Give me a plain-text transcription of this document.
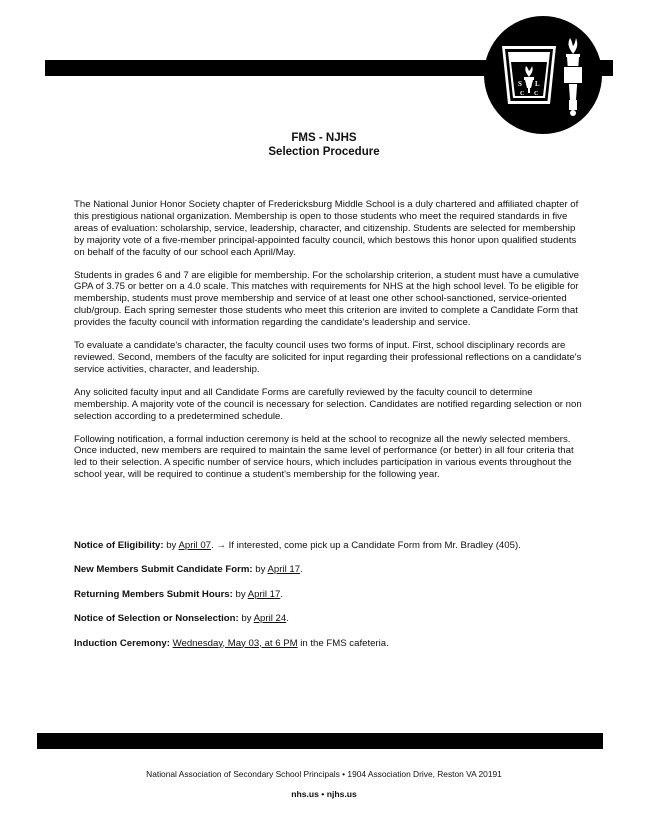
S L
C C
FMS - NJHS
Selection Procedure

The National Junior Honor Society chapter of Fredericksburg Middle School is a duly chartered and affiliated chapter of this prestigious national organization. Membership is open to those students who meet the required standards in five areas of evaluation: scholarship, service, leadership, character, and citizenship. Students are selected for membership by majority vote of a five-member principal-appointed faculty council, which bestows this honor upon qualified students on behalf of the faculty of our school each April/May.

Students in grades 6 and 7 are eligible for membership. For the scholarship criterion, a student must have a cumulative GPA of 3.75 or better on a 4.0 scale. This matches with requirements for NHS at the high school level. To be eligible for membership, students must prove membership and service of at least one other school-sanctioned, service-oriented club/group. Each spring semester those students who meet this criterion are invited to complete a Candidate Form that provides the faculty council with information regarding the candidate's leadership and service.

To evaluate a candidate's character, the faculty council uses two forms of input. First, school disciplinary records are reviewed. Second, members of the faculty are solicited for input regarding their professional reflections on a candidate's service activities, character, and leadership.

Any solicited faculty input and all Candidate Forms are carefully reviewed by the faculty council to determine membership. A majority vote of the council is necessary for selection. Candidates are notified regarding selection or non selection according to a predetermined schedule.

Following notification, a formal induction ceremony is held at the school to recognize all the newly selected members. Once inducted, new members are required to maintain the same level of performance (or better) in all four criteria that led to their selection. A specific number of service hours, which includes participation in various events throughout the school year, will be required to continue a student's membership for the following year.

Notice of Eligibility: by April 07. → If interested, come pick up a Candidate Form from Mr. Bradley (405).
New Members Submit Candidate Form: by April 17.
Returning Members Submit Hours: by April 17.
Notice of Selection or Nonselection: by April 24.
Induction Ceremony: Wednesday, May 03, at 6 PM in the FMS cafeteria.
National Association of Secondary School Principals • 1904 Association Drive, Reston VA 20191
nhs.us • njhs.us
